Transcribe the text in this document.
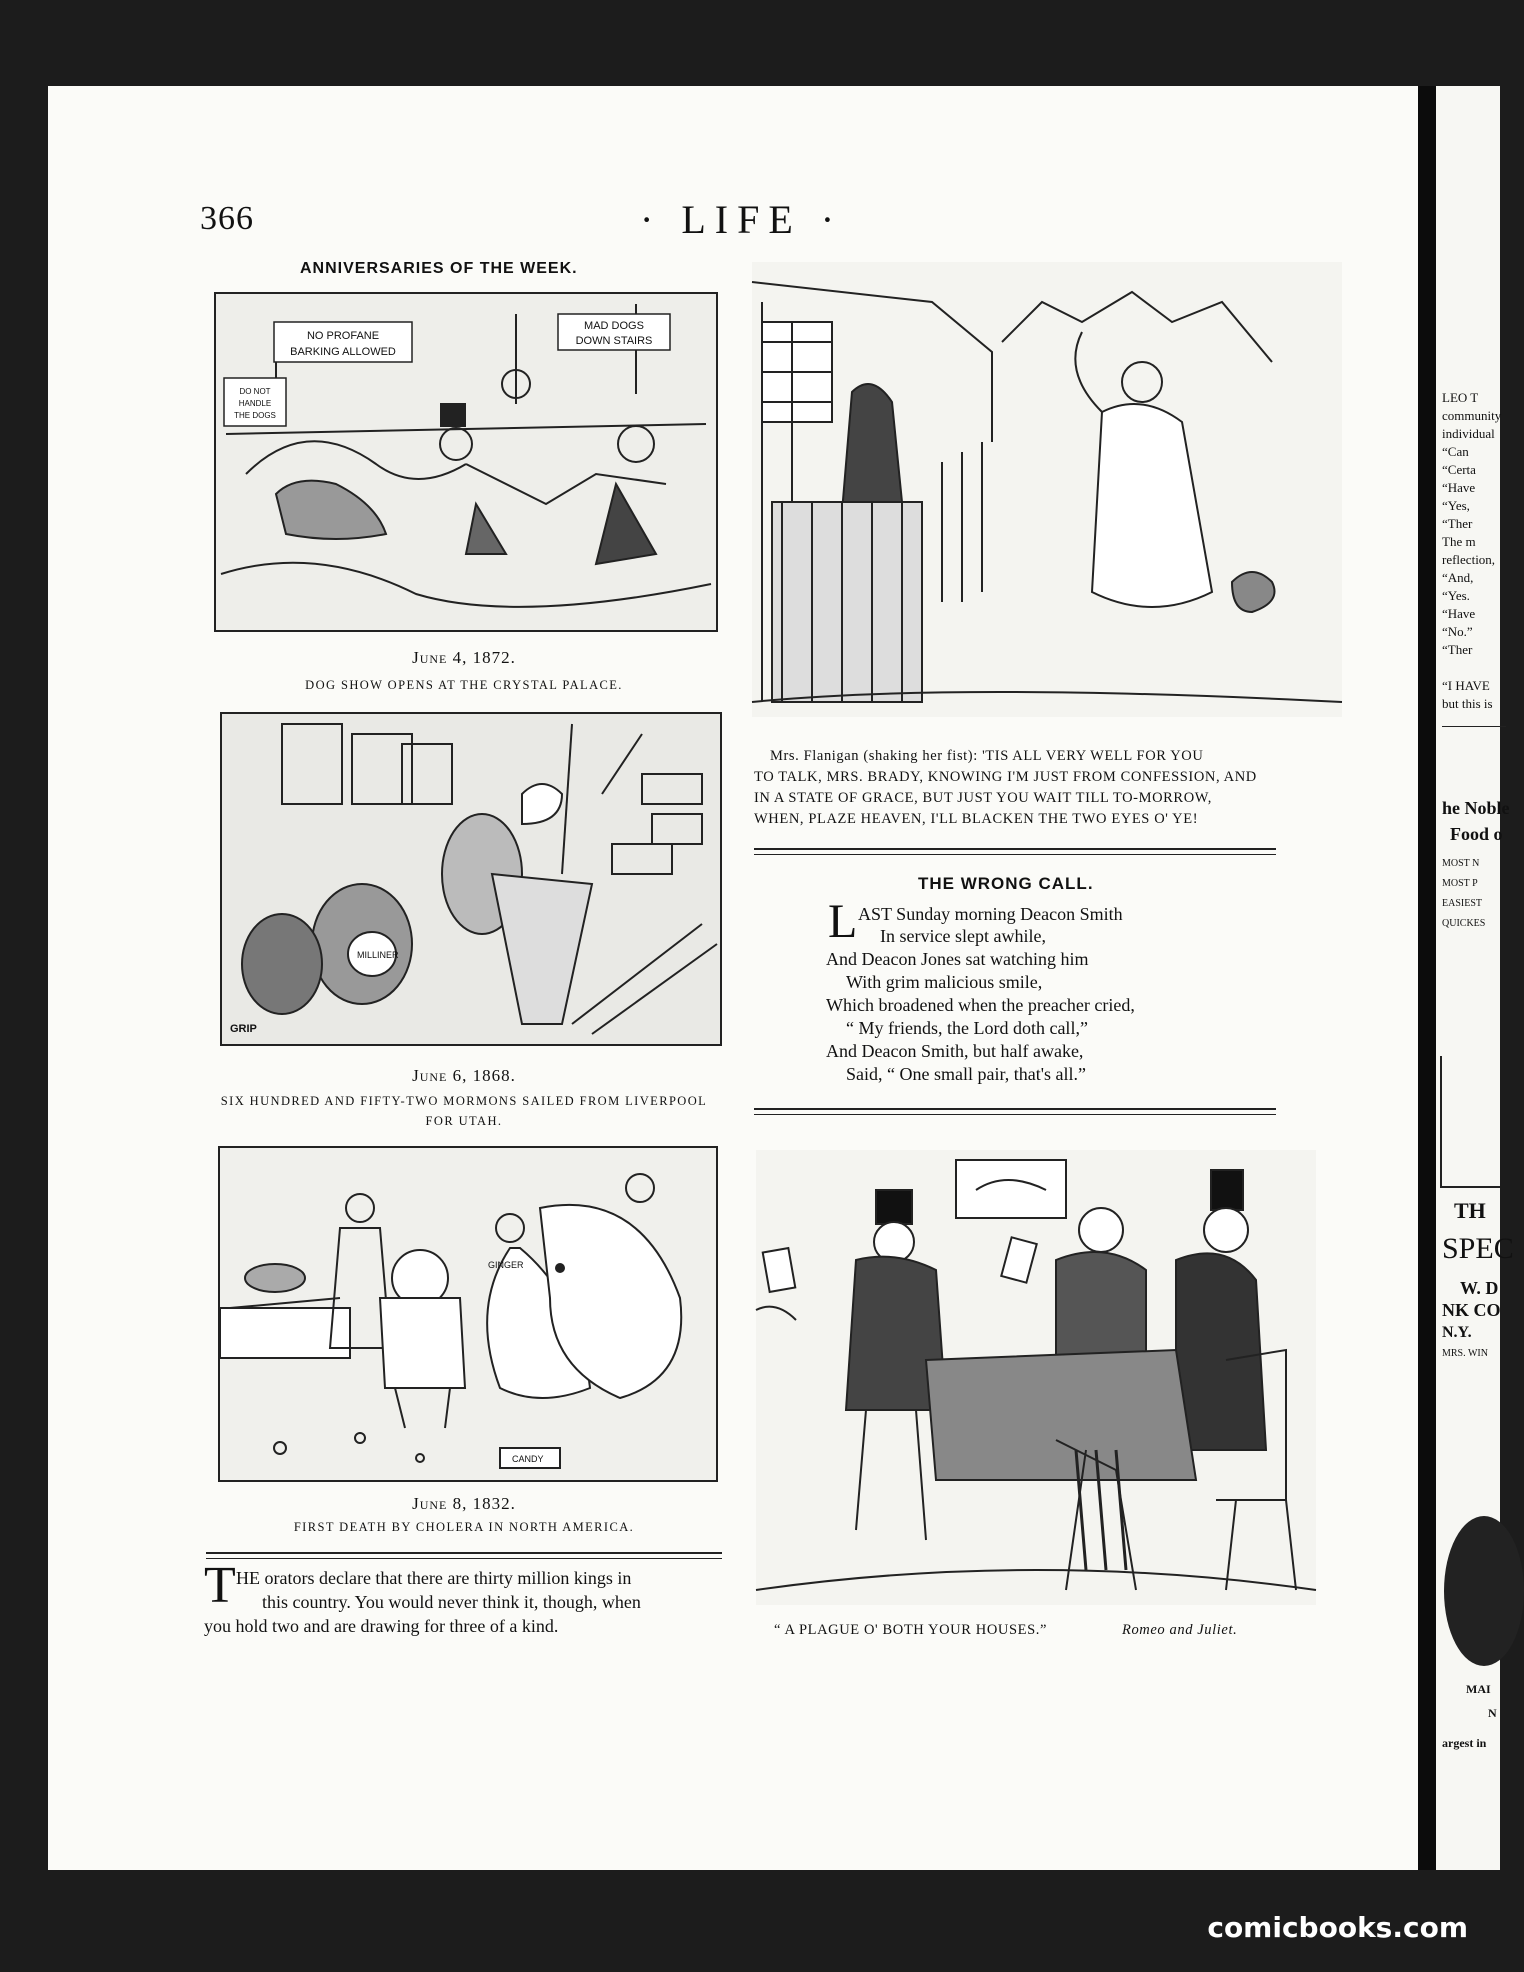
LEO T
community
individual
“Can
“Certa
“Have
“Yes,
“Ther
The m
reflection,
“And,
“Yes.
“Have
“No.”
“Ther
“I HAVE
but this is
he Noble
Food o
MOST N
MOST P
EASIEST
QUICKES
TH
SPEC
W. D
NK CO
N.Y.
MRS. WIN
MAI
N
argest in
366	· LIFE ·
ANNIVERSARIES OF THE WEEK.
NO PROFANE
BARKING ALLOWED
MAD DOGS
DOWN STAIRS
DO NOT
HANDLE
THE DOGS
June 4, 1872.
DOG SHOW OPENS AT THE CRYSTAL PALACE.
MILLINER
GRIP
June 6, 1868.
SIX HUNDRED AND FIFTY-TWO MORMONS SAILED FROM LIVERPOOL
FOR UTAH.
GINGER
CANDY
June 8, 1832.
FIRST DEATH BY CHOLERA IN NORTH AMERICA.
T HE orators declare that there are thirty million kings in
this country. You would never think it, though, when
you hold two and are drawing for three of a kind.
Mrs. Flanigan (shaking her fist): 'TIS ALL VERY WELL FOR YOU
TO TALK, MRS. BRADY, KNOWING I'M JUST FROM CONFESSION, AND
IN A STATE OF GRACE, BUT JUST YOU WAIT TILL TO-MORROW,
WHEN, PLAZE HEAVEN, I'LL BLACKEN THE TWO EYES O' YE!
THE WRONG CALL.
L AST Sunday morning Deacon Smith
In service slept awhile,
And Deacon Jones sat watching him
With grim malicious smile,
Which broadened when the preacher cried,
“ My friends, the Lord doth call,”
And Deacon Smith, but half awake,
Said, “ One small pair, that's all.”
“ A PLAGUE O' BOTH YOUR HOUSES.”	Romeo and Juliet.
comicbooks.com
